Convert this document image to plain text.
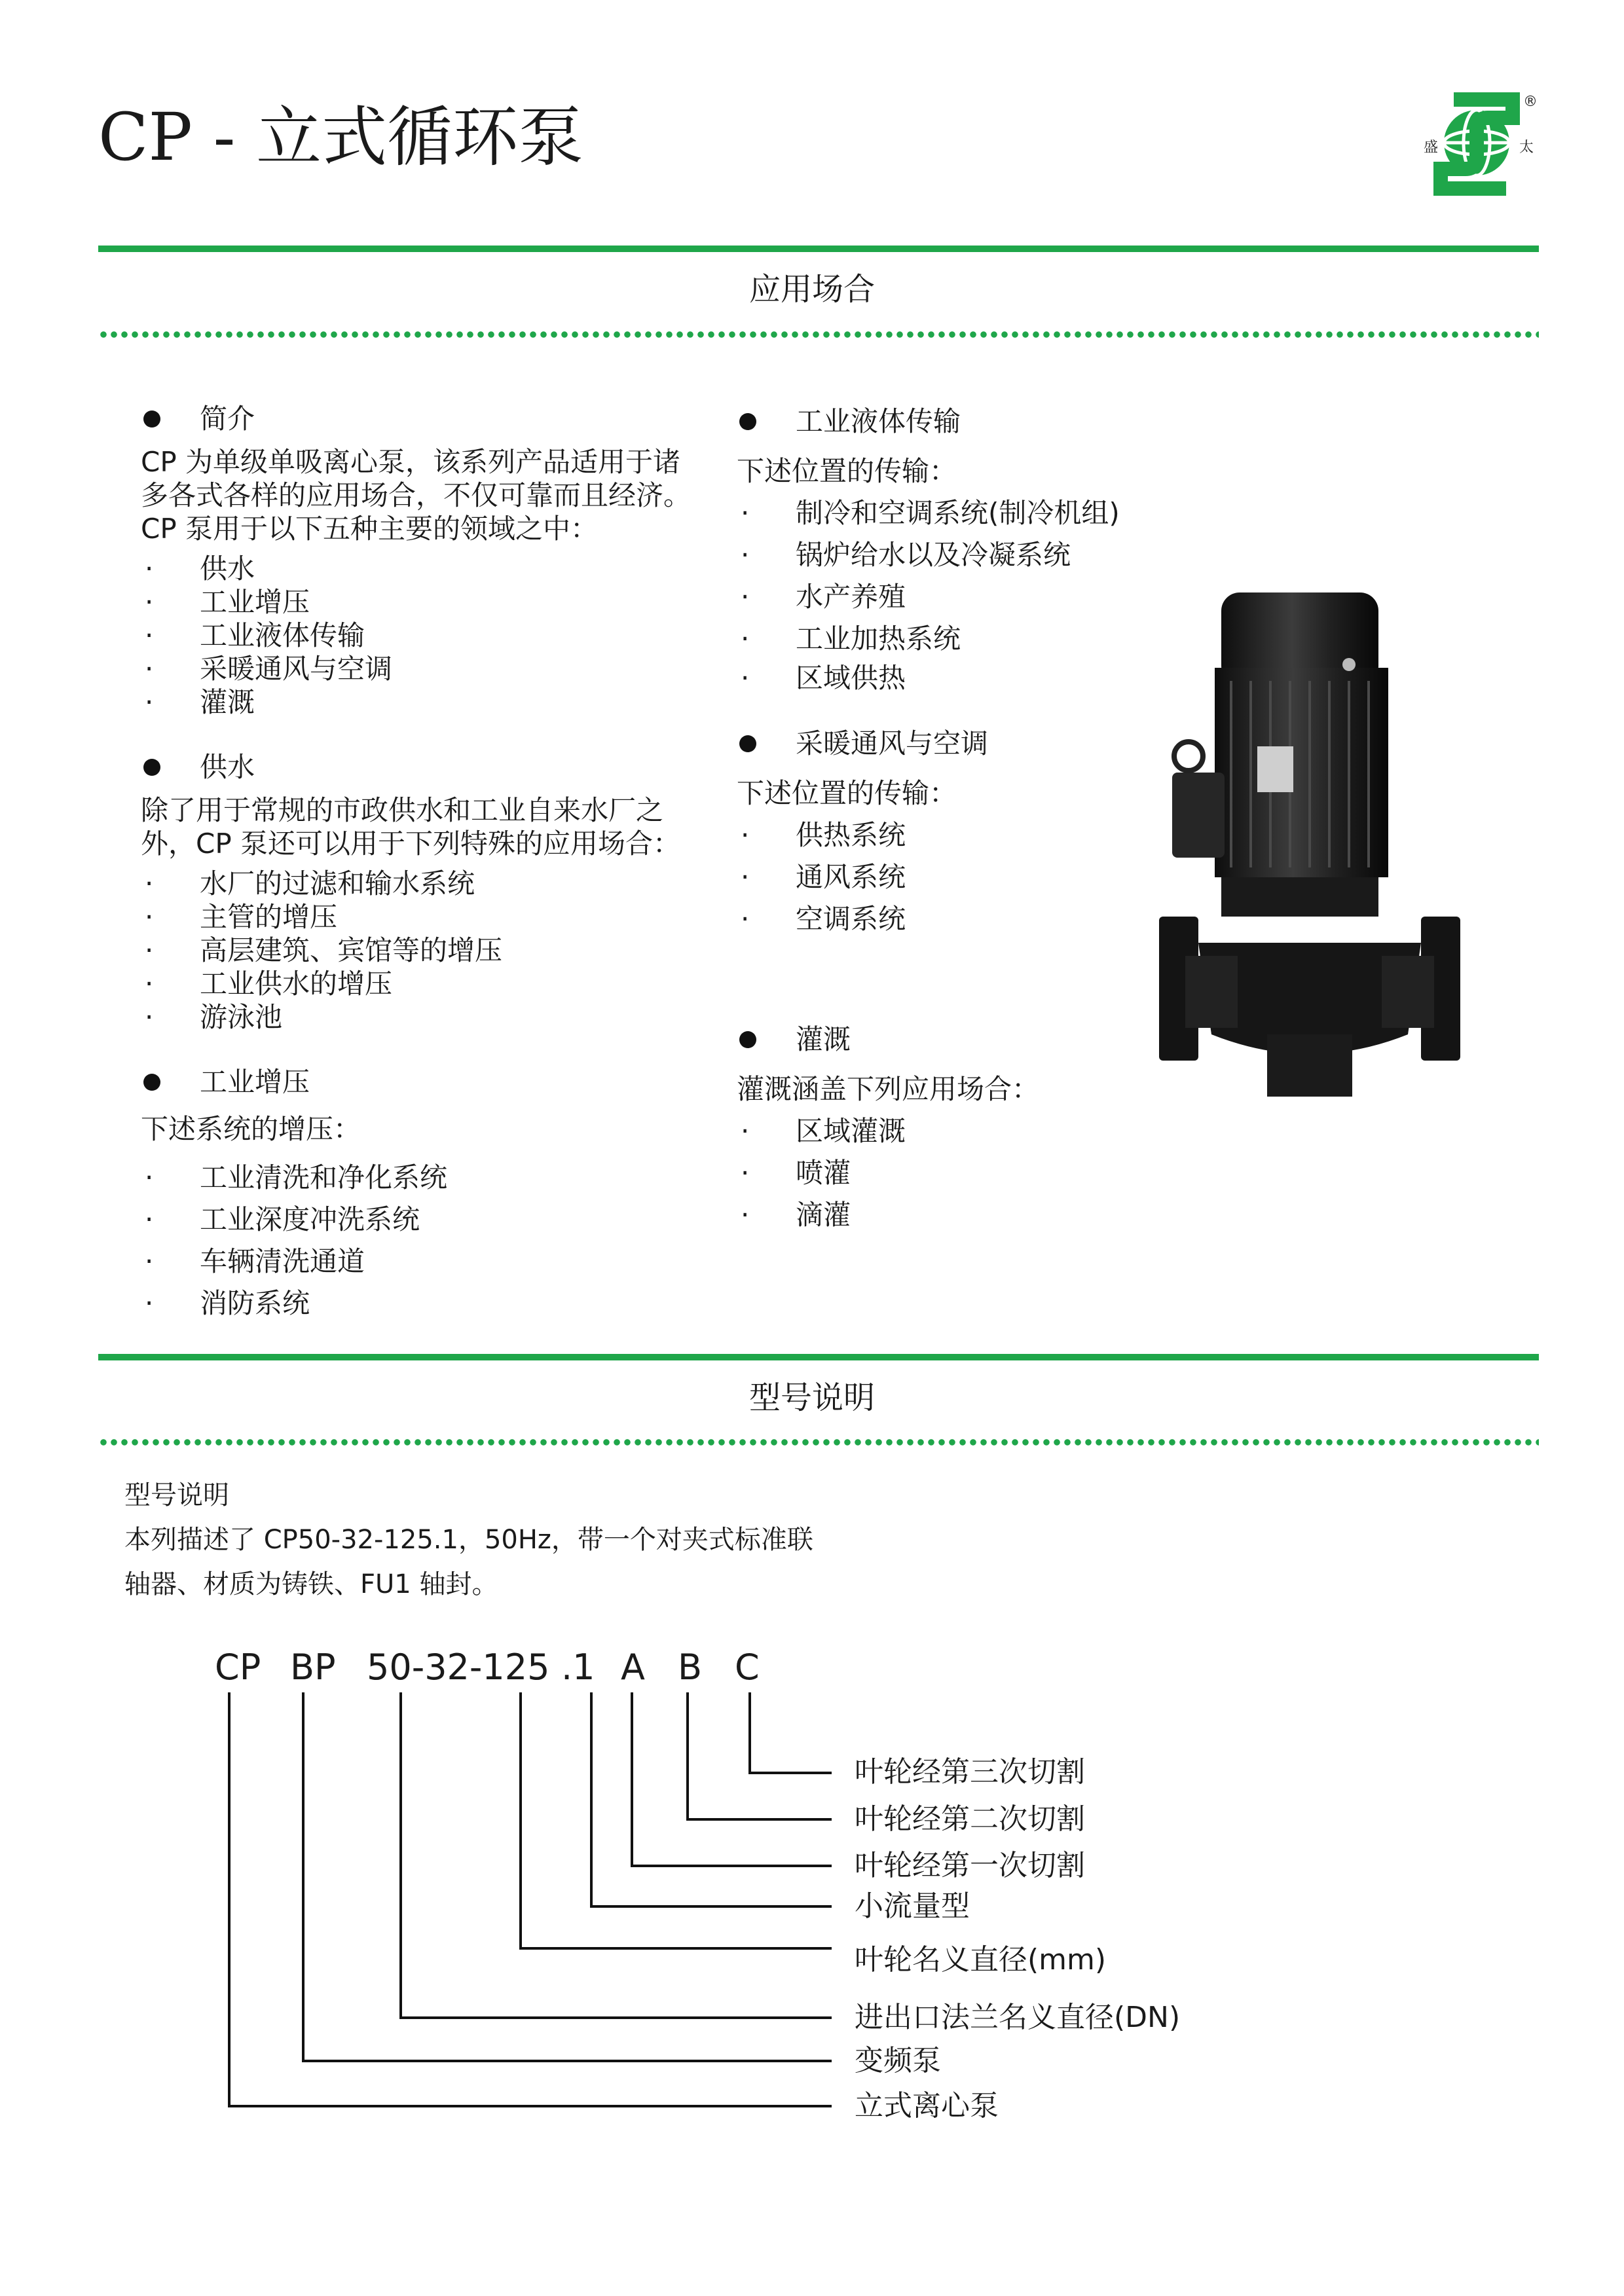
CP - 立式循环泵	盛	太
®
应用场合
简介
CP 为单级单吸离心泵，该系列产品适用于诸
多各式各样的应用场合，不仅可靠而且经济。
CP 泵用于以下五种主要的领域之中：
· 供水
· 工业增压
· 工业液体传输
· 采暖通风与空调
· 灌溉
供水
除了用于常规的市政供水和工业自来水厂之
外，CP 泵还可以用于下列特殊的应用场合：
· 水厂的过滤和输水系统
· 主管的增压
· 高层建筑、宾馆等的增压
· 工业供水的增压
· 游泳池
工业增压
下述系统的增压：
· 工业清洗和净化系统
· 工业深度冲洗系统
· 车辆清洗通道
· 消防系统
工业液体传输
下述位置的传输：
· 制冷和空调系统(制冷机组)
· 锅炉给水以及冷凝系统
· 水产养殖
· 工业加热系统
· 区域供热
采暖通风与空调
下述位置的传输：
· 供热系统
· 通风系统
· 空调系统
灌溉
灌溉涵盖下列应用场合：
· 区域灌溉
· 喷灌
· 滴灌
型号说明
型号说明
本列描述了 CP50-32-125.1，50Hz，带一个对夹式标准联
轴器、材质为铸铁、FU1 轴封。
CP BP 50-32-125 .1 A B C
叶轮经第三次切割
叶轮经第二次切割
叶轮经第一次切割
小流量型
叶轮名义直径(mm)
进出口法兰名义直径(DN)
变频泵
立式离心泵
